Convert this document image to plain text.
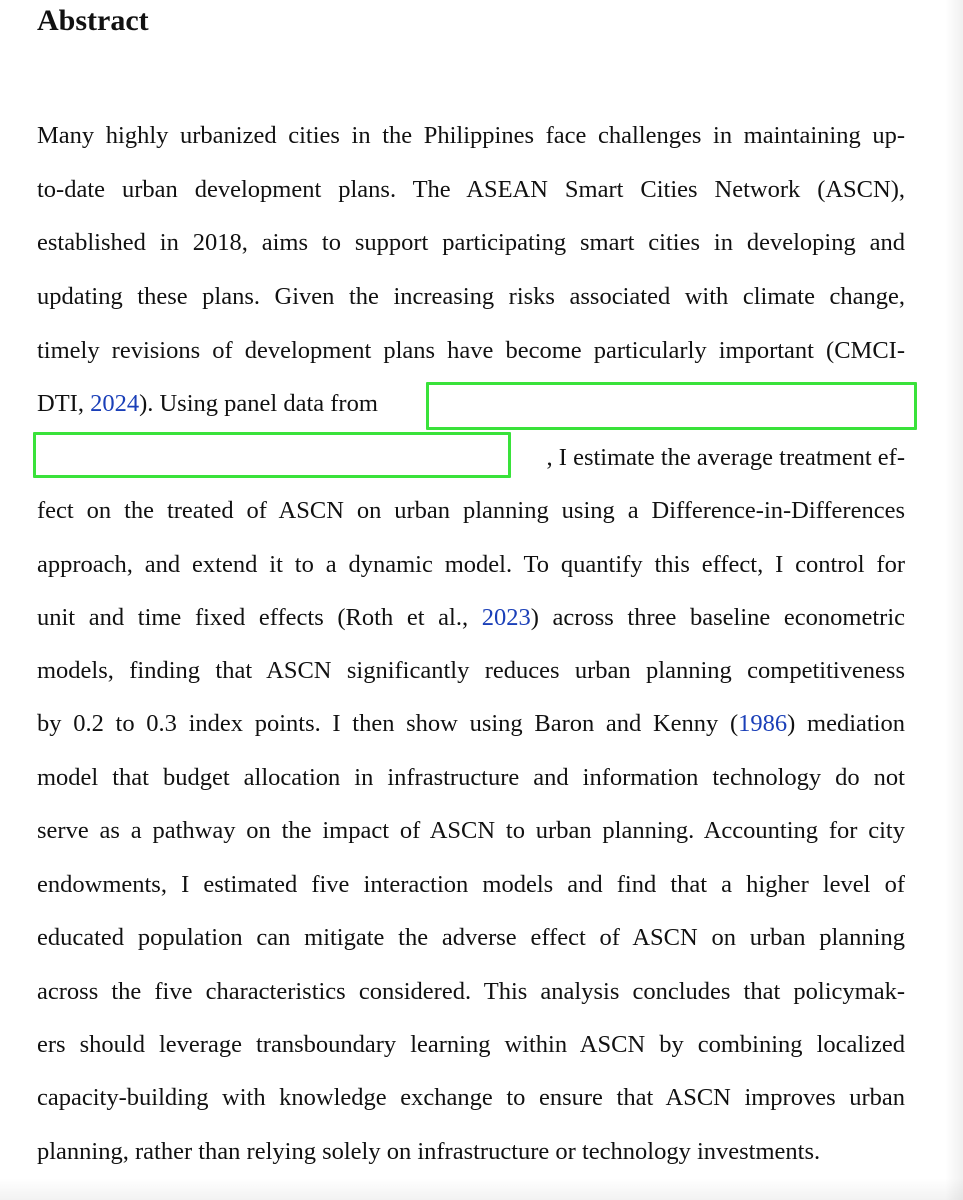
Abstract
Many highly urbanized cities in the Philippines face challenges in maintaining up-
to-date urban development plans. The ASEAN Smart Cities Network (ASCN),
established in 2018, aims to support participating smart cities in developing and
updating these plans. Given the increasing risks associated with climate change,
timely revisions of development plans have become particularly important (CMCI-
DTI, 2024). Using panel data from
, I estimate the average treatment ef-
fect on the treated of ASCN on urban planning using a Difference-in-Differences
approach, and extend it to a dynamic model. To quantify this effect, I control for
unit and time fixed effects (Roth et al., 2023) across three baseline econometric
models, finding that ASCN significantly reduces urban planning competitiveness
by 0.2 to 0.3 index points. I then show using Baron and Kenny (1986) mediation
model that budget allocation in infrastructure and information technology do not
serve as a pathway on the impact of ASCN to urban planning. Accounting for city
endowments, I estimated five interaction models and find that a higher level of
educated population can mitigate the adverse effect of ASCN on urban planning
across the five characteristics considered. This analysis concludes that policymak-
ers should leverage transboundary learning within ASCN by combining localized
capacity-building with knowledge exchange to ensure that ASCN improves urban
planning, rather than relying solely on infrastructure or technology investments.
